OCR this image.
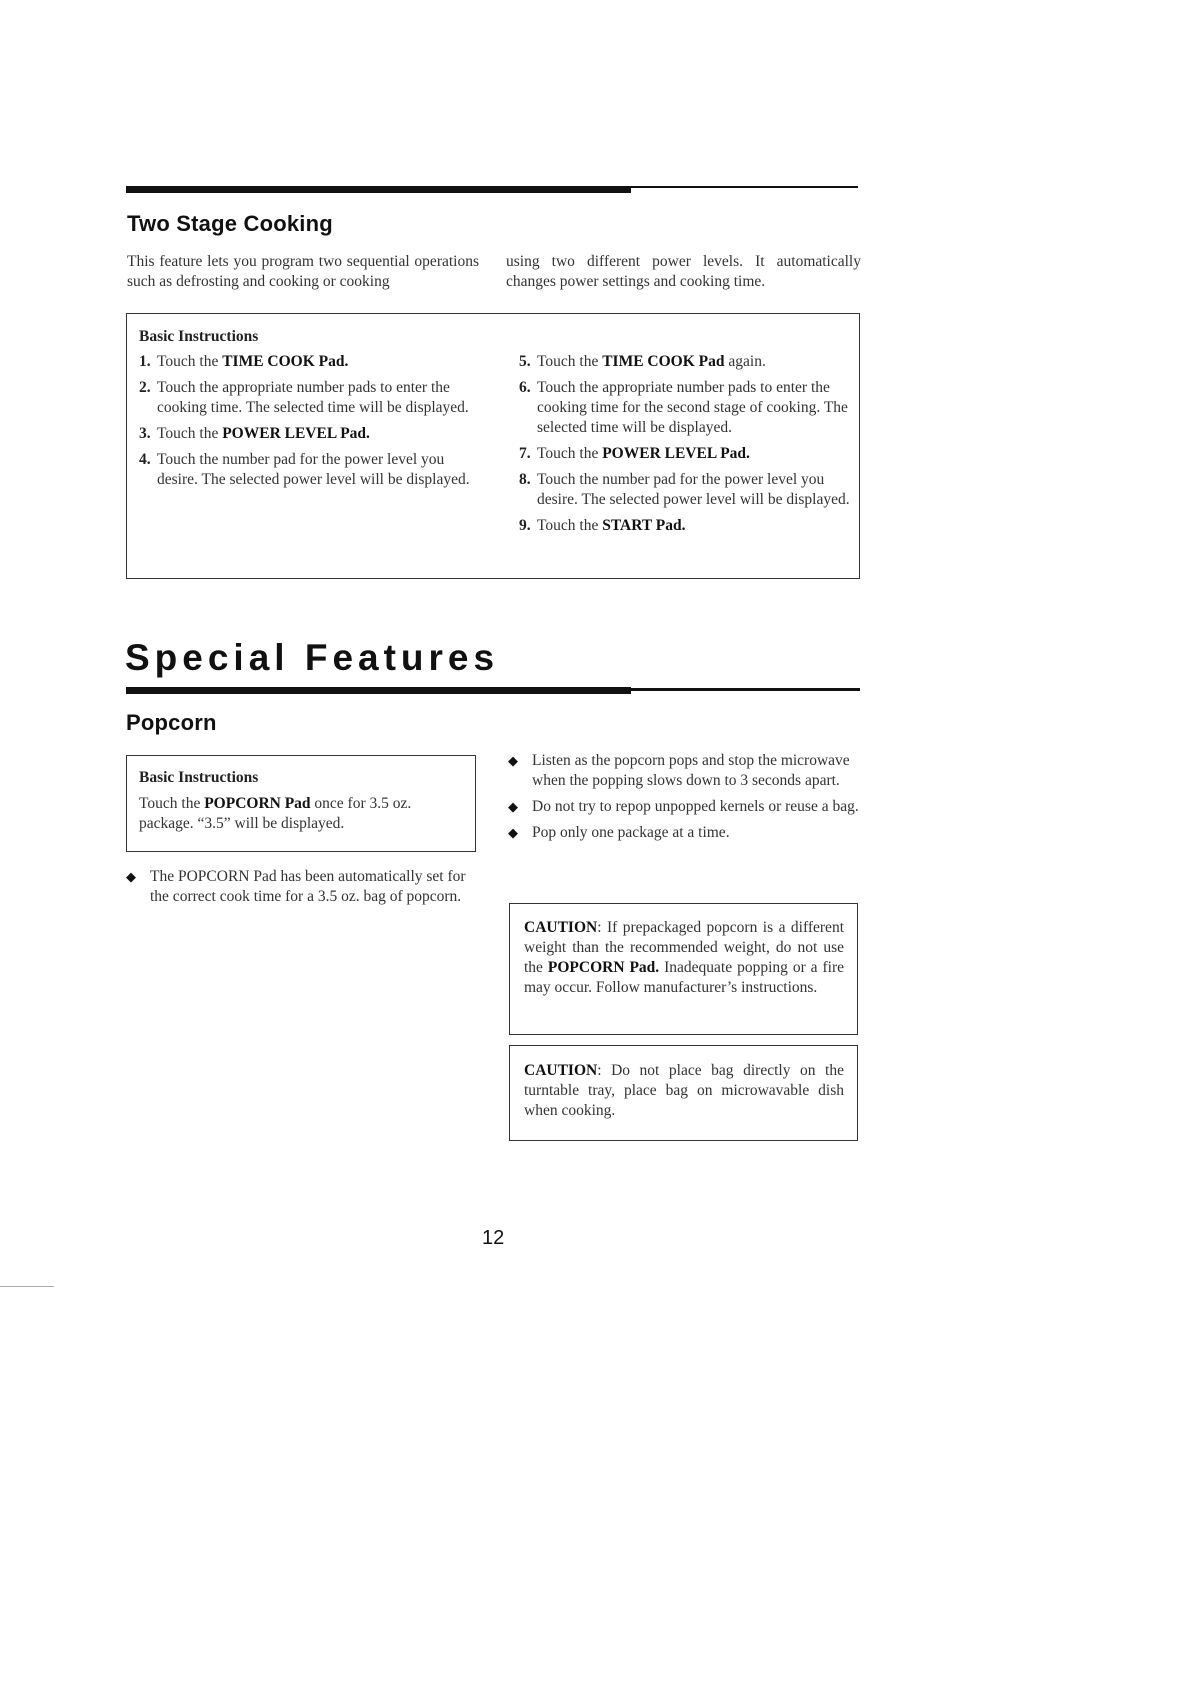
Two Stage Cooking
This feature lets you program two sequential operations such as defrosting and cooking or cooking
using two different power levels. It automatically changes power settings and cooking time.
Basic Instructions
1. Touch the TIME COOK Pad.
2. Touch the appropriate number pads to enter the cooking time. The selected time will be displayed.
3. Touch the POWER LEVEL Pad.
4. Touch the number pad for the power level you desire. The selected power level will be displayed.
5. Touch the TIME COOK Pad again.
6. Touch the appropriate number pads to enter the cooking time for the second stage of cooking. The selected time will be displayed.
7. Touch the POWER LEVEL Pad.
8. Touch the number pad for the power level you desire. The selected power level will be displayed.
9. Touch the START Pad.
Special Features
Popcorn
Basic Instructions
Touch the POPCORN Pad once for 3.5 oz. package. “3.5” will be displayed.
◆ The POPCORN Pad has been automatically set for the correct cook time for a 3.5 oz. bag of popcorn.
◆ Listen as the popcorn pops and stop the microwave when the popping slows down to 3 seconds apart.
◆ Do not try to repop unpopped kernels or reuse a bag.
◆ Pop only one package at a time.
CAUTION: If prepackaged popcorn is a different weight than the recommended weight, do not use the POPCORN Pad. Inadequate popping or a fire may occur. Follow manufacturer’s instructions.
CAUTION: Do not place bag directly on the turntable tray, place bag on microwavable dish when cooking.
12
